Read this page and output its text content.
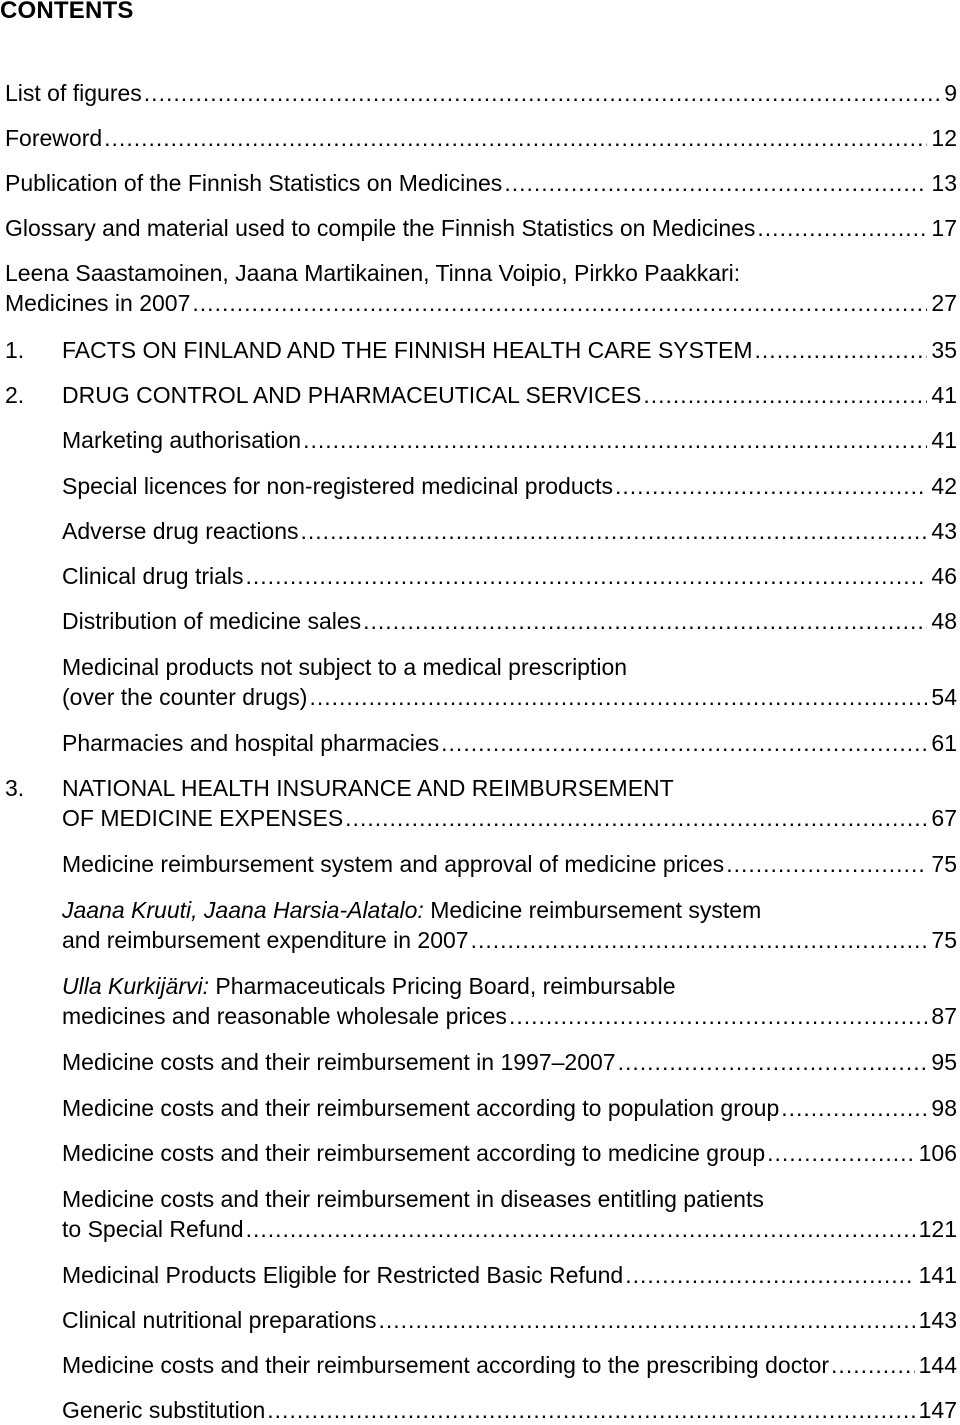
CONTENTS
List of figures .....	9
Foreword .....	12
Publication of the Finnish Statistics on Medicines .....	13
Glossary and material used to compile the Finnish Statistics on Medicines .....	17
Leena Saastamoinen, Jaana Martikainen, Tinna Voipio, Pirkko Paakkari:
Medicines in 2007 .....	27
1. FACTS ON FINLAND AND THE FINNISH HEALTH CARE SYSTEM .....	35
2. DRUG CONTROL AND PHARMACEUTICAL SERVICES .....	41
Marketing authorisation .....	41
Special licences for non-registered medicinal products .....	42
Adverse drug reactions .....	43
Clinical drug trials .....	46
Distribution of medicine sales .....	48
Medicinal products not subject to a medical prescription
(over the counter drugs) .....	54
Pharmacies and hospital pharmacies .....	61
3. NATIONAL HEALTH INSURANCE AND REIMBURSEMENT
OF MEDICINE EXPENSES .....	67
Medicine reimbursement system and approval of medicine prices .....	75
Jaana Kruuti, Jaana Harsia-Alatalo: Medicine reimbursement system
and reimbursement expenditure in 2007 .....	75
Ulla Kurkijärvi: Pharmaceuticals Pricing Board, reimbursable
medicines and reasonable wholesale prices .....	87
Medicine costs and their reimbursement in 1997–2007 .....	95
Medicine costs and their reimbursement according to population group .....	98
Medicine costs and their reimbursement according to medicine group .....	106
Medicine costs and their reimbursement in diseases entitling patients
to Special Refund .....	121
Medicinal Products Eligible for Restricted Basic Refund .....	141
Clinical nutritional preparations .....	143
Medicine costs and their reimbursement according to the prescribing doctor .....	144
Generic substitution .....	147
